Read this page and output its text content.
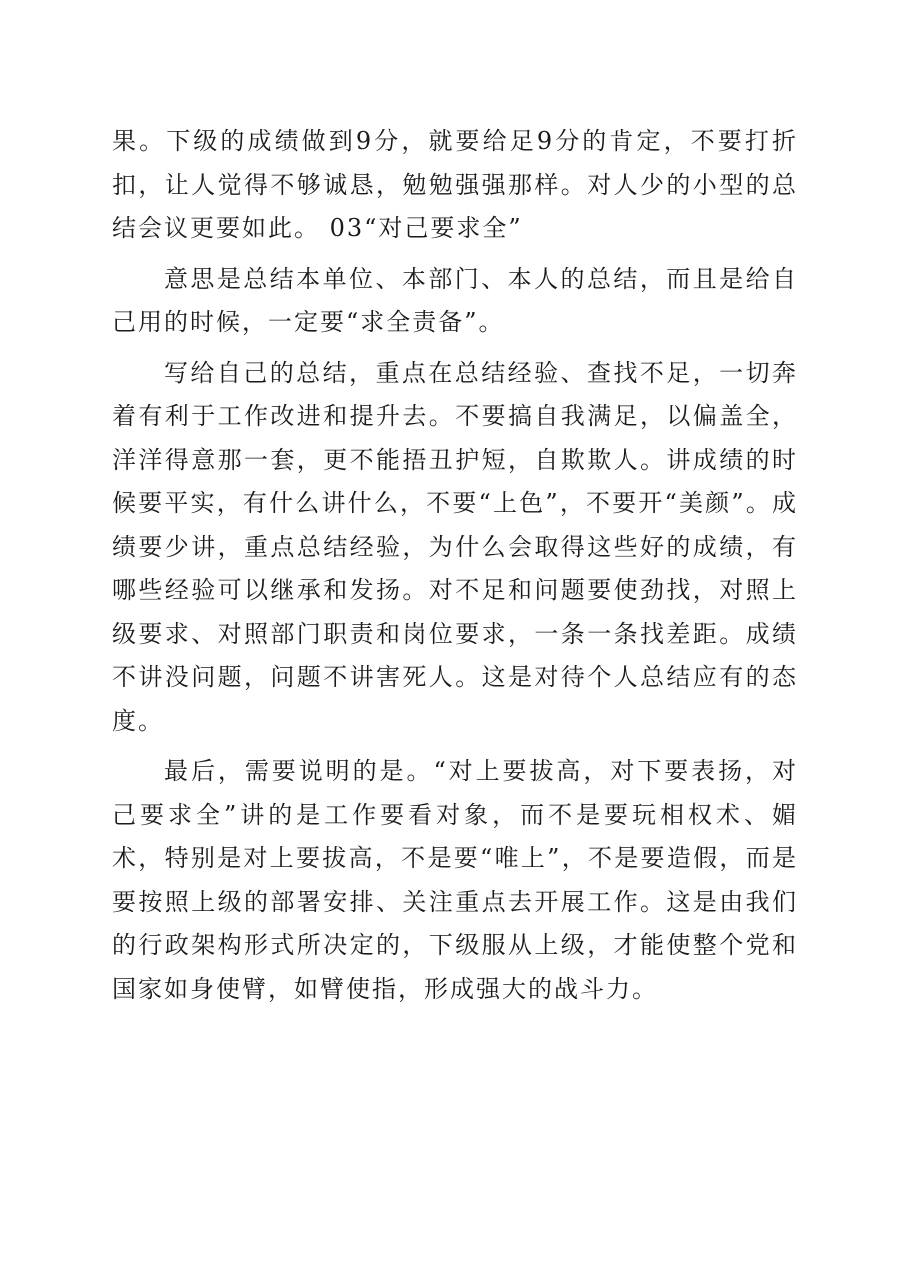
果。下级的成绩做到9分，就要给足9分的肯定，不要打折扣，让人觉得不够诚恳，勉勉强强那样。对人少的小型的总结会议更要如此。 03“对己要求全”

意思是总结本单位、本部门、本人的总结，而且是给自己用的时候，一定要“求全责备”。

写给自己的总结，重点在总结经验、查找不足，一切奔着有利于工作改进和提升去。不要搞自我满足，以偏盖全，洋洋得意那一套，更不能捂丑护短，自欺欺人。讲成绩的时候要平实，有什么讲什么，不要“上色”，不要开“美颜”。成绩要少讲，重点总结经验，为什么会取得这些好的成绩，有哪些经验可以继承和发扬。对不足和问题要使劲找，对照上级要求、对照部门职责和岗位要求，一条一条找差距。成绩不讲没问题，问题不讲害死人。这是对待个人总结应有的态度。

最后，需要说明的是。“对上要拔高，对下要表扬，对己要求全”讲的是工作要看对象，而不是要玩相权术、媚术，特别是对上要拔高，不是要“唯上”，不是要造假，而是要按照上级的部署安排、关注重点去开展工作。这是由我们的行政架构形式所决定的，下级服从上级，才能使整个党和国家如身使臂，如臂使指，形成强大的战斗力。
